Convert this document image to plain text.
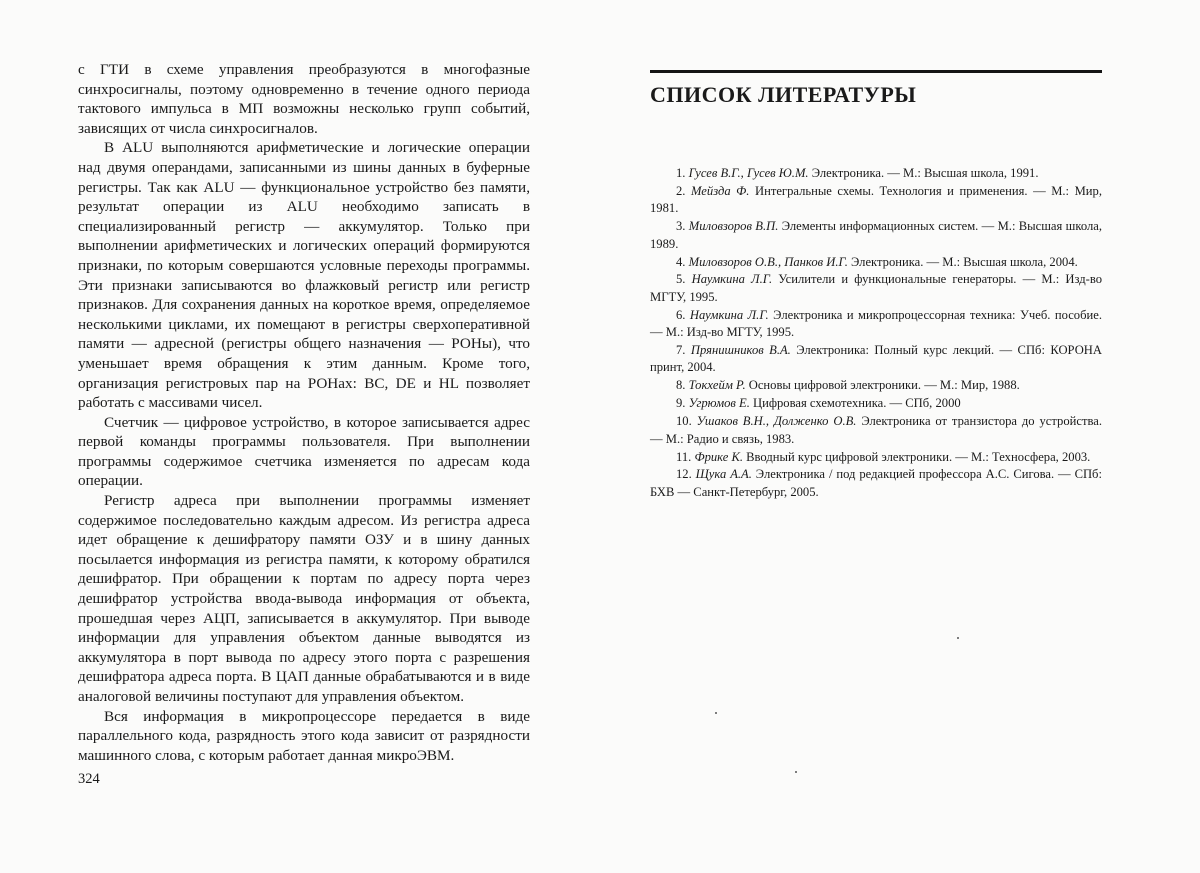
с ГТИ в схеме управления преобразуются в многофазные синхросигналы, поэтому одновременно в течение одного периода тактового импульса в МП возможны несколько групп событий, зависящих от числа синхросигналов.

В ALU выполняются арифметические и логические операции над двумя операндами, записанными из шины данных в буферные регистры. Так как ALU — функциональное устройство без памяти, результат операции из ALU необходимо записать в специализированный регистр — аккумулятор. Только при выполнении арифметических и логических операций формируются признаки, по которым совершаются условные переходы программы. Эти признаки записываются во флажковый регистр или регистр признаков. Для сохранения данных на короткое время, определяемое несколькими циклами, их помещают в регистры сверхоперативной памяти — адресной (регистры общего назначения — РОНы), что уменьшает время обращения к этим данным. Кроме того, организация регистровых пар на РОНах: ВС, DE и HL позволяет работать с массивами чисел.

Счетчик — цифровое устройство, в которое записывается адрес первой команды программы пользователя. При выполнении программы содержимое счетчика изменяется по адресам кода операции.

Регистр адреса при выполнении программы изменяет содержимое последовательно каждым адресом. Из регистра адреса идет обращение к дешифратору памяти ОЗУ и в шину данных посылается информация из регистра памяти, к которому обратился дешифратор. При обращении к портам по адресу порта через дешифратор устройства ввода-вывода информация от объекта, прошедшая через АЦП, записывается в аккумулятор. При выводе информации для управления объектом данные выводятся из аккумулятора в порт вывода по адресу этого порта с разрешения дешифратора адреса порта. В ЦАП данные обрабатываются и в виде аналоговой величины поступают для управления объектом.

Вся информация в микропроцессоре передается в виде параллельного кода, разрядность этого кода зависит от разрядности машинного слова, с которым работает данная микроЭВМ.

324
СПИСОК ЛИТЕРАТУРЫ
1. Гусев В.Г., Гусев Ю.М. Электроника. — М.: Высшая школа, 1991.
2. Мейзда Ф. Интегральные схемы. Технология и применения. — М.: Мир, 1981.
3. Миловзоров В.П. Элементы информационных систем. — М.: Высшая школа, 1989.
4. Миловзоров О.В., Панков И.Г. Электроника. — М.: Высшая школа, 2004.
5. Наумкина Л.Г. Усилители и функциональные генераторы. — М.: Изд-во МГТУ, 1995.
6. Наумкина Л.Г. Электроника и микропроцессорная техника: Учеб. пособие. — М.: Изд-во МГТУ, 1995.
7. Прянишников В.А. Электроника: Полный курс лекций. — СПб: КОРОНА принт, 2004.
8. Токхейм Р. Основы цифровой электроники. — М.: Мир, 1988.
9. Угрюмов Е. Цифровая схемотехника. — СПб, 2000
10. Ушаков В.Н., Долженко О.В. Электроника от транзистора до устройства. — М.: Радио и связь, 1983.
11. Фрике К. Вводный курс цифровой электроники. — М.: Техносфера, 2003.
12. Щука А.А. Электроника / под редакцией профессора А.С. Сигова. — СПб: БХВ — Санкт-Петербург, 2005.
